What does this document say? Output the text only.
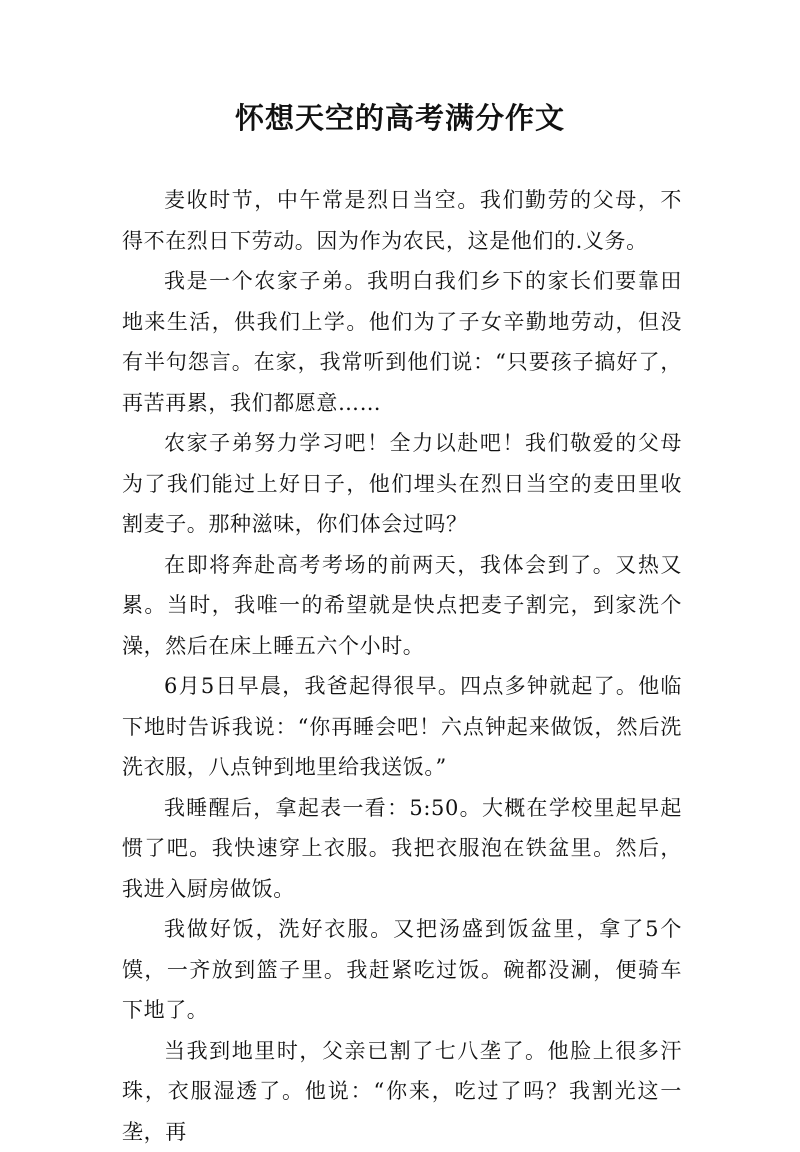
怀想天空的高考满分作文

麦收时节，中午常是烈日当空。我们勤劳的父母，不得不在烈日下劳动。因为作为农民，这是他们的.义务。

我是一个农家子弟。我明白我们乡下的家长们要靠田地来生活，供我们上学。他们为了子女辛勤地劳动，但没有半句怨言。在家，我常听到他们说：“只要孩子搞好了，再苦再累，我们都愿意……

农家子弟努力学习吧！全力以赴吧！我们敬爱的父母为了我们能过上好日子，他们埋头在烈日当空的麦田里收割麦子。那种滋味，你们体会过吗？

在即将奔赴高考考场的前两天，我体会到了。又热又累。当时，我唯一的希望就是快点把麦子割完，到家洗个澡，然后在床上睡五六个小时。

6月5日早晨，我爸起得很早。四点多钟就起了。他临下地时告诉我说：“你再睡会吧！六点钟起来做饭，然后洗洗衣服，八点钟到地里给我送饭。”

我睡醒后，拿起表一看：5:50。大概在学校里起早起惯了吧。我快速穿上衣服。我把衣服泡在铁盆里。然后，我进入厨房做饭。

我做好饭，洗好衣服。又把汤盛到饭盆里，拿了5个馍，一齐放到篮子里。我赶紧吃过饭。碗都没涮，便骑车下地了。

当我到地里时，父亲已割了七八垄了。他脸上很多汗珠，衣服湿透了。他说：“你来，吃过了吗？我割光这一垄，再
